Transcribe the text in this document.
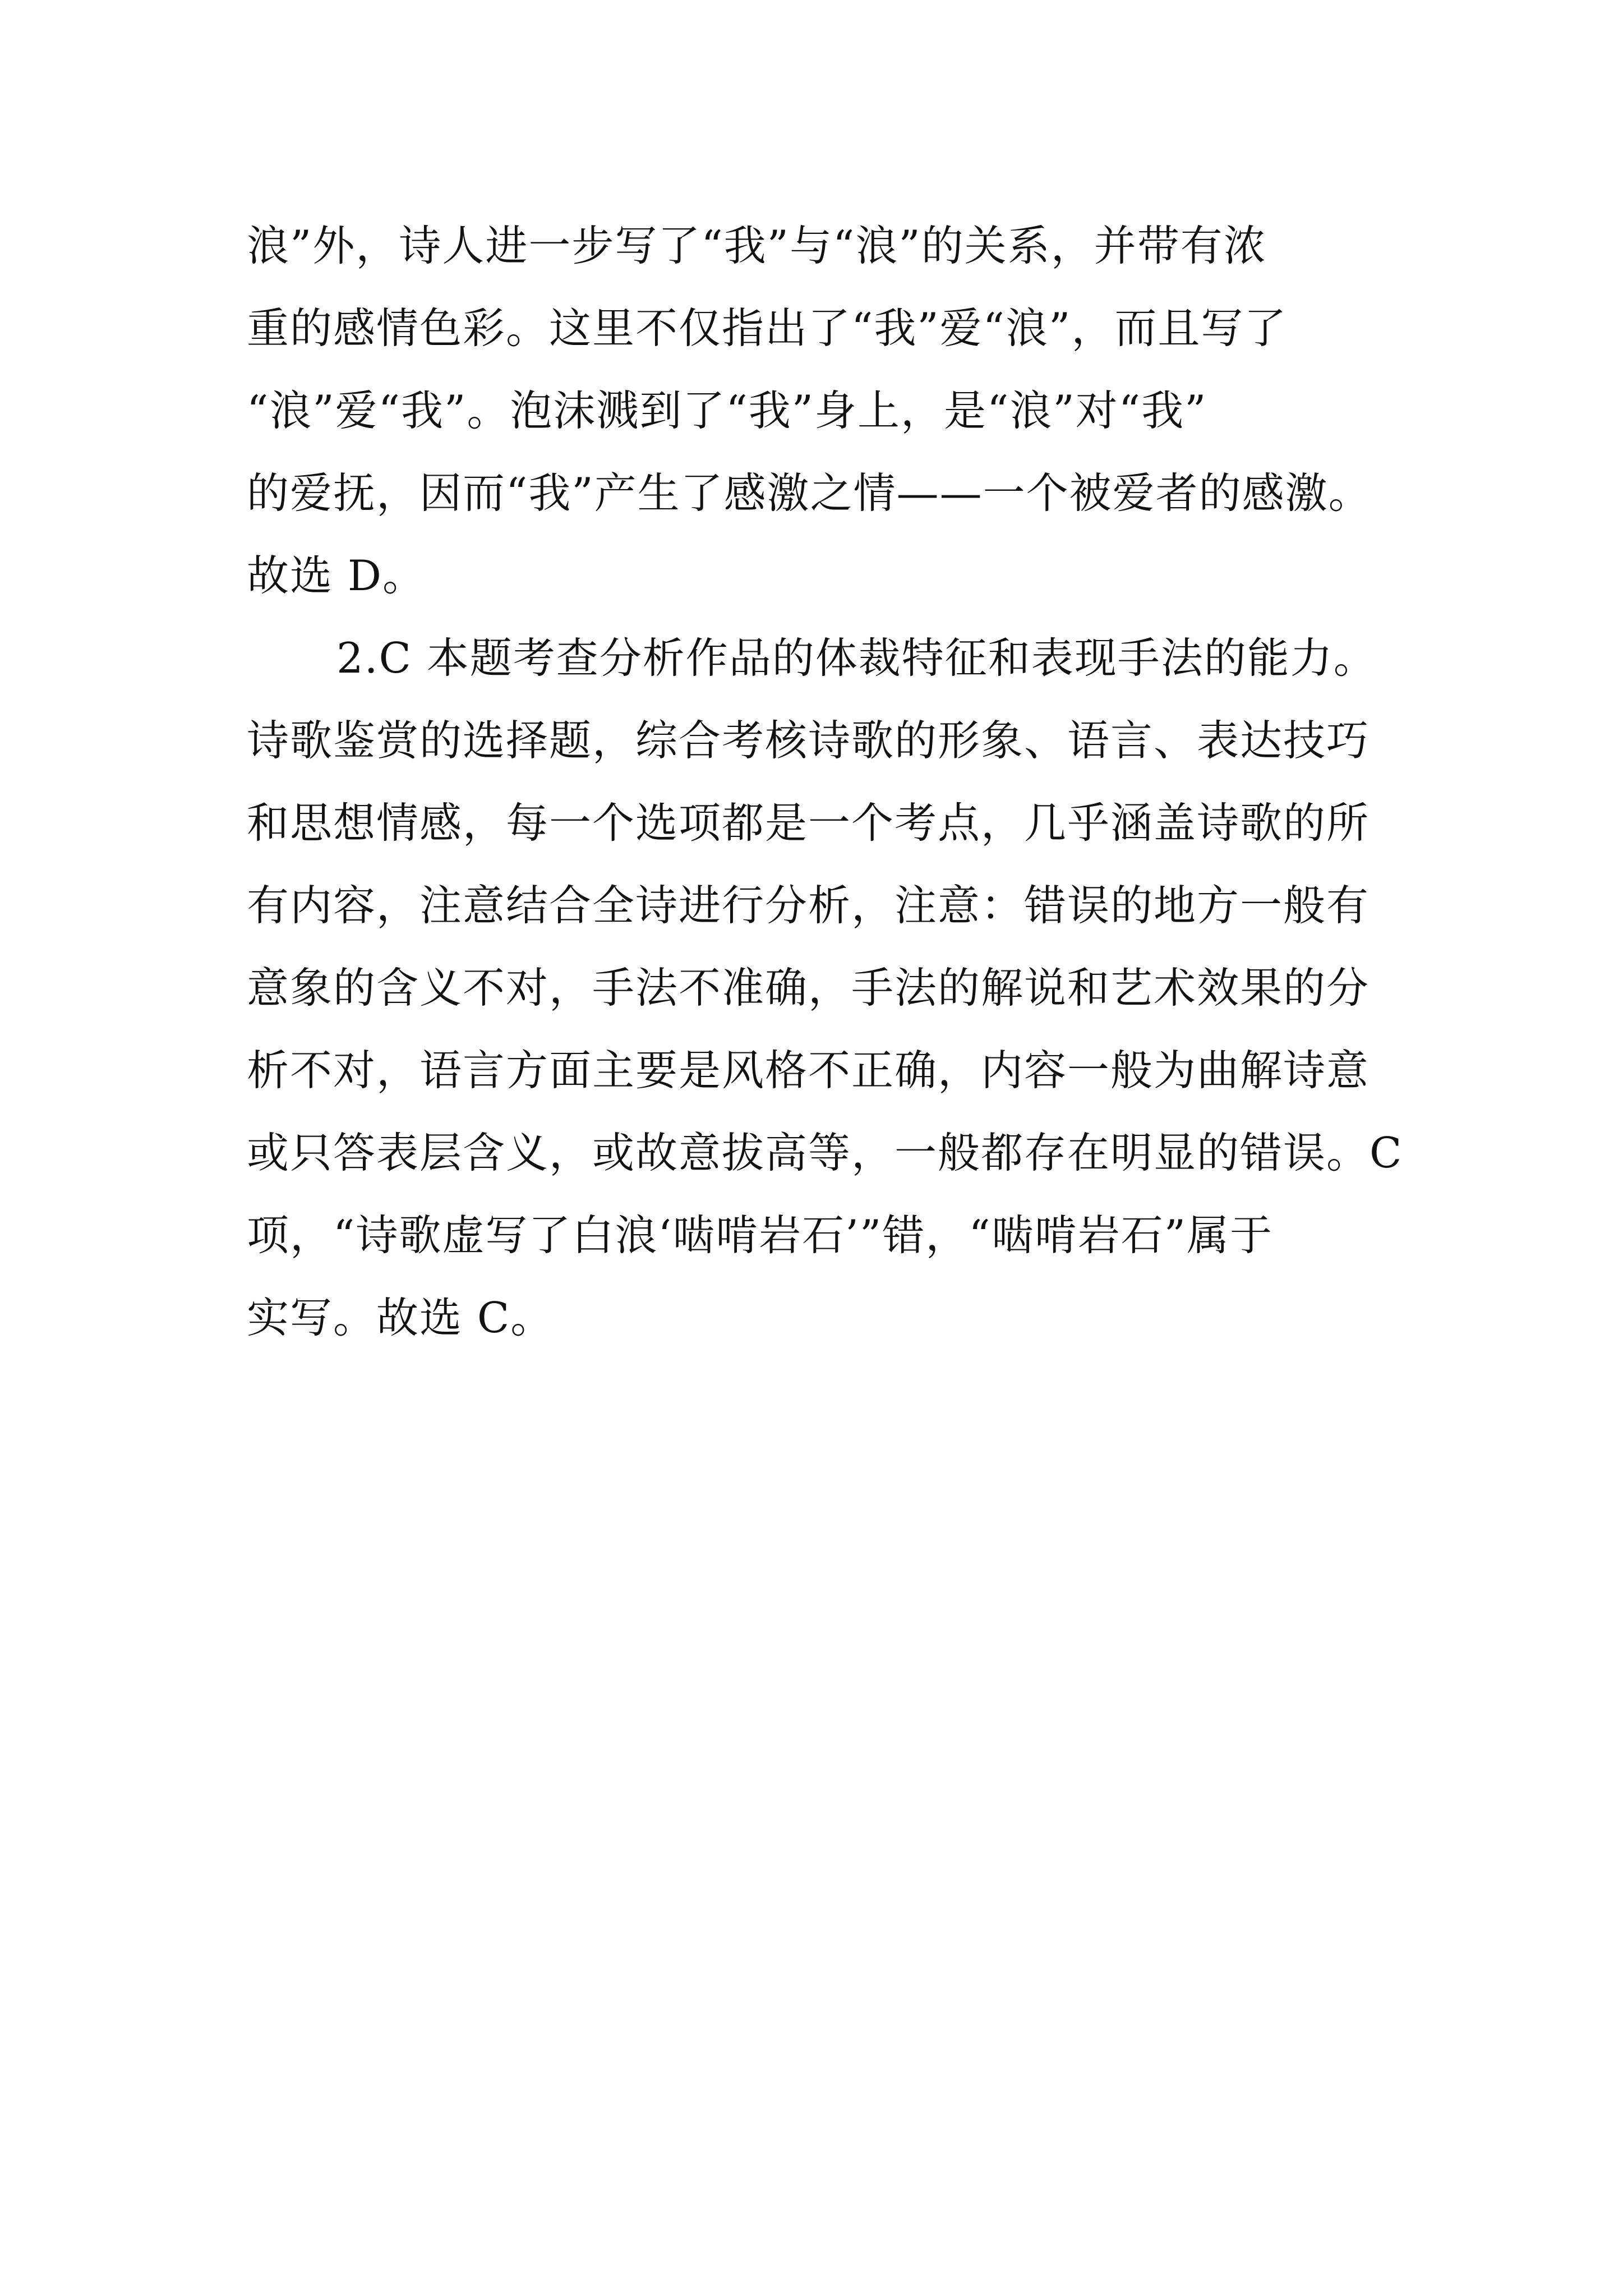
浪”外，诗人进一步写了“我”与“浪”的关系，并带有浓
重的感情色彩。这里不仅指出了“我”爱“浪”，而且写了
“浪”爱“我”。泡沫溅到了“我”身上，是“浪”对“我”
的爱抚，因而“我”产生了感激之情——一个被爱者的感激。
故选 D。
2.C 本题考查分析作品的体裁特征和表现手法的能力。
诗歌鉴赏的选择题，综合考核诗歌的形象、语言、表达技巧
和思想情感，每一个选项都是一个考点，几乎涵盖诗歌的所
有内容，注意结合全诗进行分析，注意：错误的地方一般有
意象的含义不对，手法不准确，手法的解说和艺术效果的分
析不对，语言方面主要是风格不正确，内容一般为曲解诗意
或只答表层含义，或故意拔高等，一般都存在明显的错误。C
项，“诗歌虚写了白浪‘啮啃岩石’”错，“啮啃岩石”属于
实写。故选 C。
